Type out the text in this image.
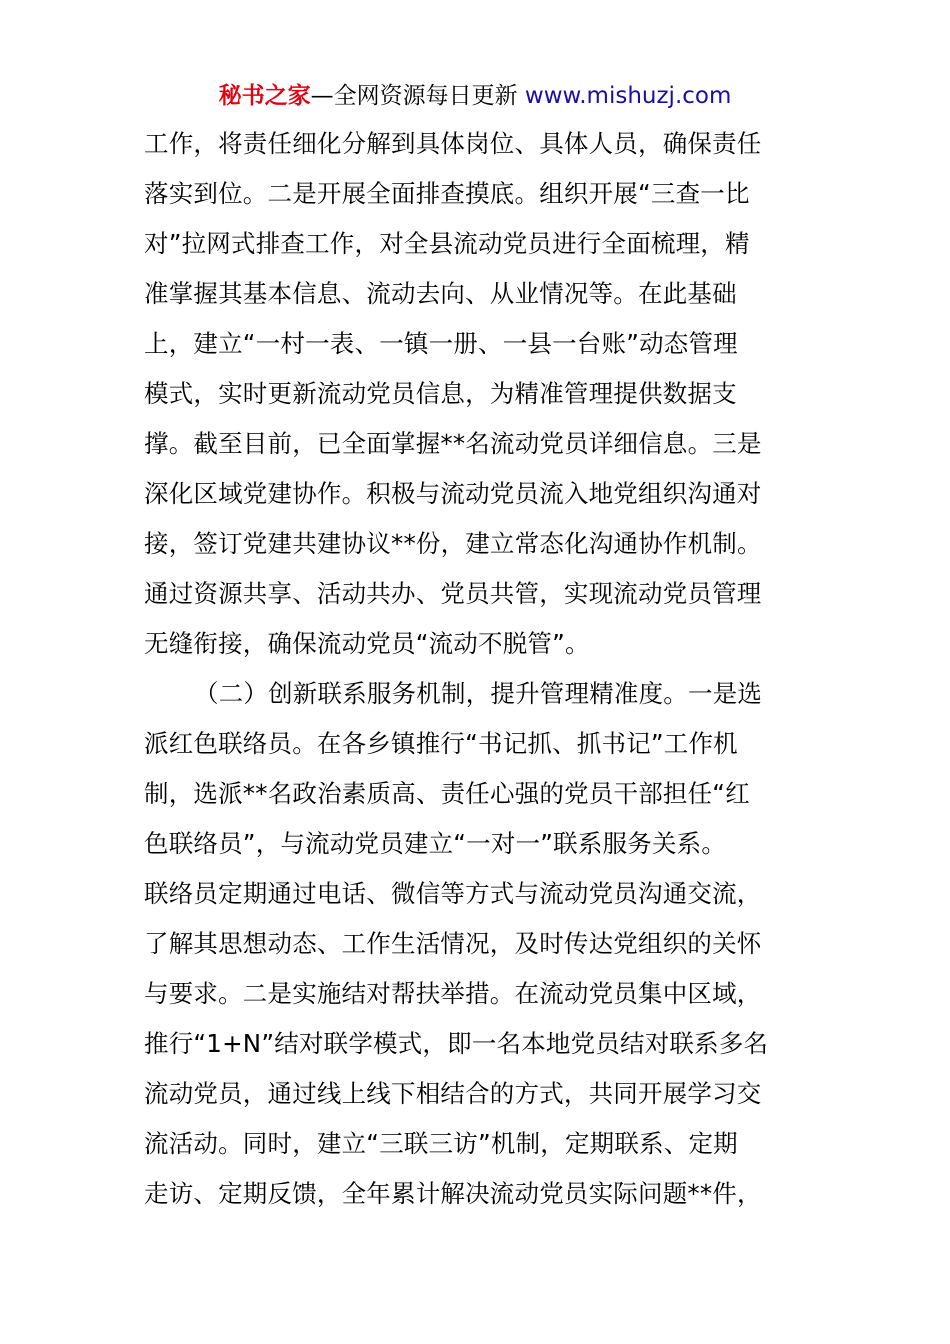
秘书之家—全网资源每日更新 www.mishuzj.com
工作，将责任细化分解到具体岗位、具体人员，确保责任
落实到位。二是开展全面排查摸底。组织开展“三查一比
对”拉网式排查工作，对全县流动党员进行全面梳理，精
准掌握其基本信息、流动去向、从业情况等。在此基础
上，建立“一村一表、一镇一册、一县一台账”动态管理
模式，实时更新流动党员信息，为精准管理提供数据支
撑。截至目前，已全面掌握**名流动党员详细信息。三是
深化区域党建协作。积极与流动党员流入地党组织沟通对
接，签订党建共建协议**份，建立常态化沟通协作机制。
通过资源共享、活动共办、党员共管，实现流动党员管理
无缝衔接，确保流动党员“流动不脱管”。
（二）创新联系服务机制，提升管理精准度。一是选
派红色联络员。在各乡镇推行“书记抓、抓书记”工作机
制，选派**名政治素质高、责任心强的党员干部担任“红
色联络员”，与流动党员建立“一对一”联系服务关系。
联络员定期通过电话、微信等方式与流动党员沟通交流，
了解其思想动态、工作生活情况，及时传达党组织的关怀
与要求。二是实施结对帮扶举措。在流动党员集中区域，
推行“1+N”结对联学模式，即一名本地党员结对联系多名
流动党员，通过线上线下相结合的方式，共同开展学习交
流活动。同时，建立“三联三访”机制，定期联系、定期
走访、定期反馈，全年累计解决流动党员实际问题**件，
